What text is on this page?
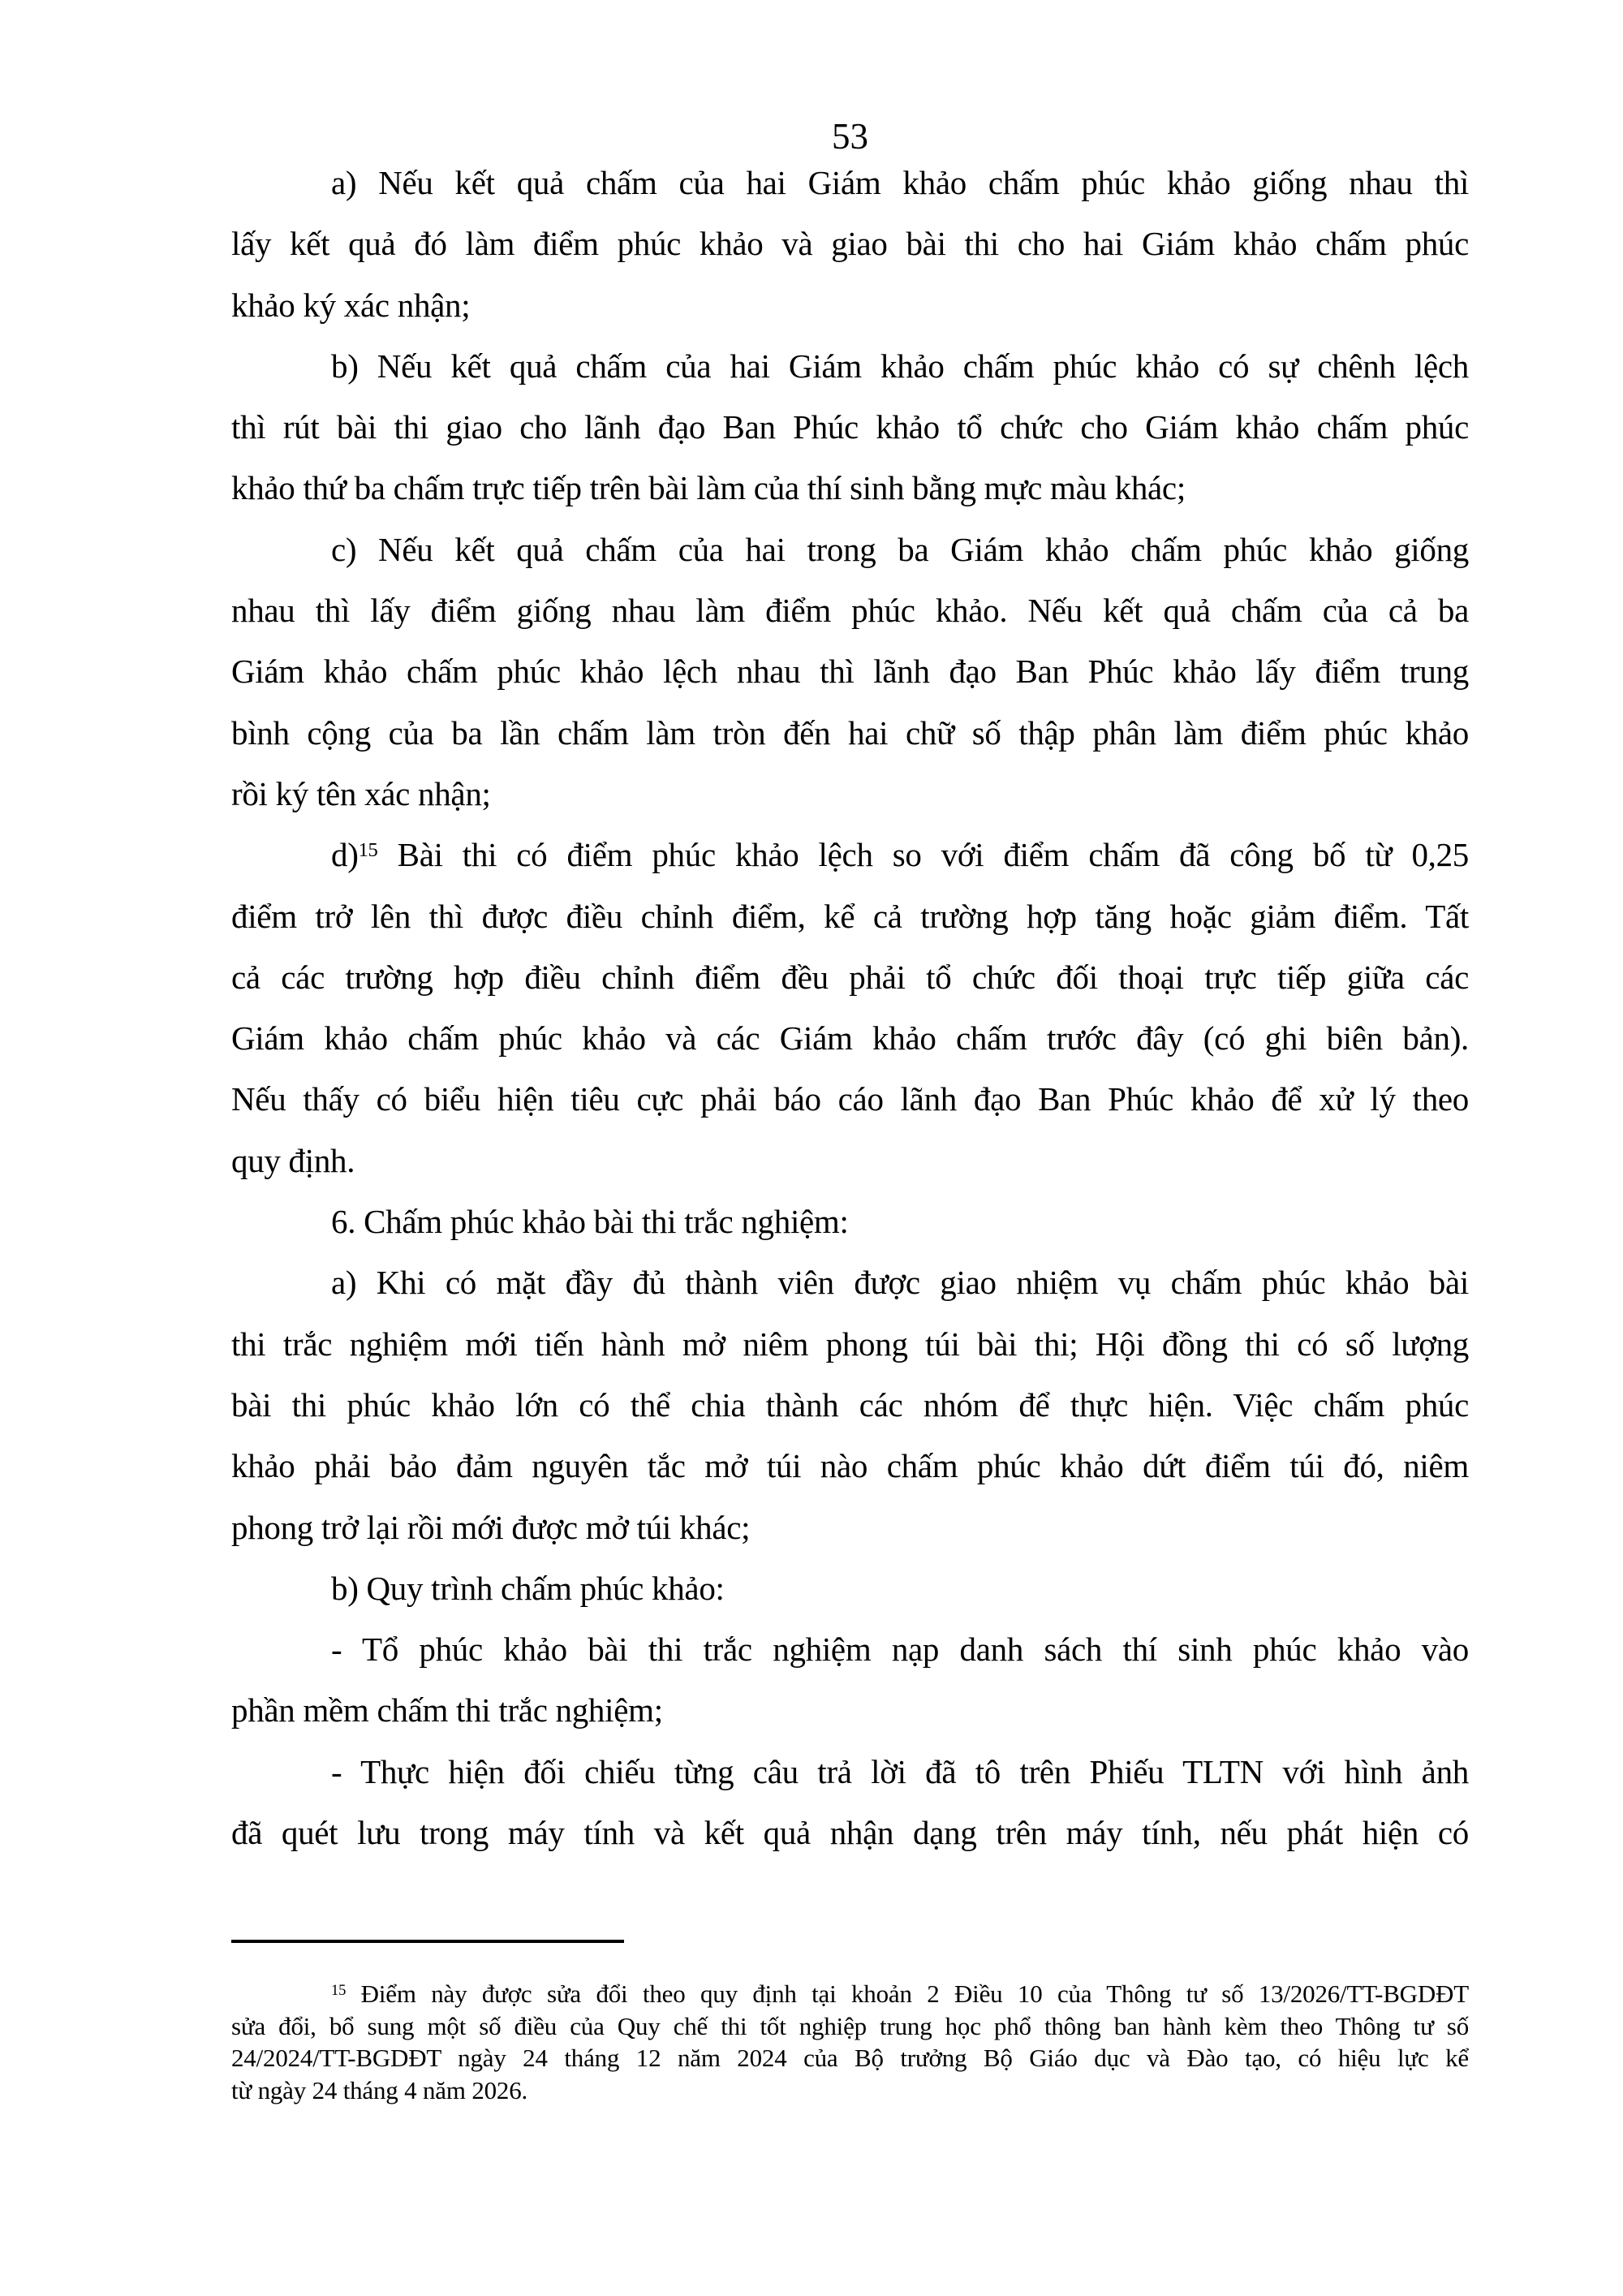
53
a) Nếu kết quả chấm của hai Giám khảo chấm phúc khảo giống nhau thì
lấy kết quả đó làm điểm phúc khảo và giao bài thi cho hai Giám khảo chấm phúc
khảo ký xác nhận;
b) Nếu kết quả chấm của hai Giám khảo chấm phúc khảo có sự chênh lệch
thì rút bài thi giao cho lãnh đạo Ban Phúc khảo tổ chức cho Giám khảo chấm phúc
khảo thứ ba chấm trực tiếp trên bài làm của thí sinh bằng mực màu khác;
c) Nếu kết quả chấm của hai trong ba Giám khảo chấm phúc khảo giống
nhau thì lấy điểm giống nhau làm điểm phúc khảo. Nếu kết quả chấm của cả ba
Giám khảo chấm phúc khảo lệch nhau thì lãnh đạo Ban Phúc khảo lấy điểm trung
bình cộng của ba lần chấm làm tròn đến hai chữ số thập phân làm điểm phúc khảo
rồi ký tên xác nhận;
d)$^{15}$ Bài thi có điểm phúc khảo lệch so với điểm chấm đã công bố từ 0,25
điểm trở lên thì được điều chỉnh điểm, kể cả trường hợp tăng hoặc giảm điểm. Tất
cả các trường hợp điều chỉnh điểm đều phải tổ chức đối thoại trực tiếp giữa các
Giám khảo chấm phúc khảo và các Giám khảo chấm trước đây (có ghi biên bản).
Nếu thấy có biểu hiện tiêu cực phải báo cáo lãnh đạo Ban Phúc khảo để xử lý theo
quy định.
6. Chấm phúc khảo bài thi trắc nghiệm:
a) Khi có mặt đầy đủ thành viên được giao nhiệm vụ chấm phúc khảo bài
thi trắc nghiệm mới tiến hành mở niêm phong túi bài thi; Hội đồng thi có số lượng
bài thi phúc khảo lớn có thể chia thành các nhóm để thực hiện. Việc chấm phúc
khảo phải bảo đảm nguyên tắc mở túi nào chấm phúc khảo dứt điểm túi đó, niêm
phong trở lại rồi mới được mở túi khác;
b) Quy trình chấm phúc khảo:
- Tổ phúc khảo bài thi trắc nghiệm nạp danh sách thí sinh phúc khảo vào
phần mềm chấm thi trắc nghiệm;
- Thực hiện đối chiếu từng câu trả lời đã tô trên Phiếu TLTN với hình ảnh
đã quét lưu trong máy tính và kết quả nhận dạng trên máy tính, nếu phát hiện có
$^{15}$ Điểm này được sửa đổi theo quy định tại khoản 2 Điều 10 của Thông tư số 13/2026/TT-BGDĐT
sửa đổi, bổ sung một số điều của Quy chế thi tốt nghiệp trung học phổ thông ban hành kèm theo Thông tư số
24/2024/TT-BGDĐT ngày 24 tháng 12 năm 2024 của Bộ trưởng Bộ Giáo dục và Đào tạo, có hiệu lực kể
từ ngày 24 tháng 4 năm 2026.
